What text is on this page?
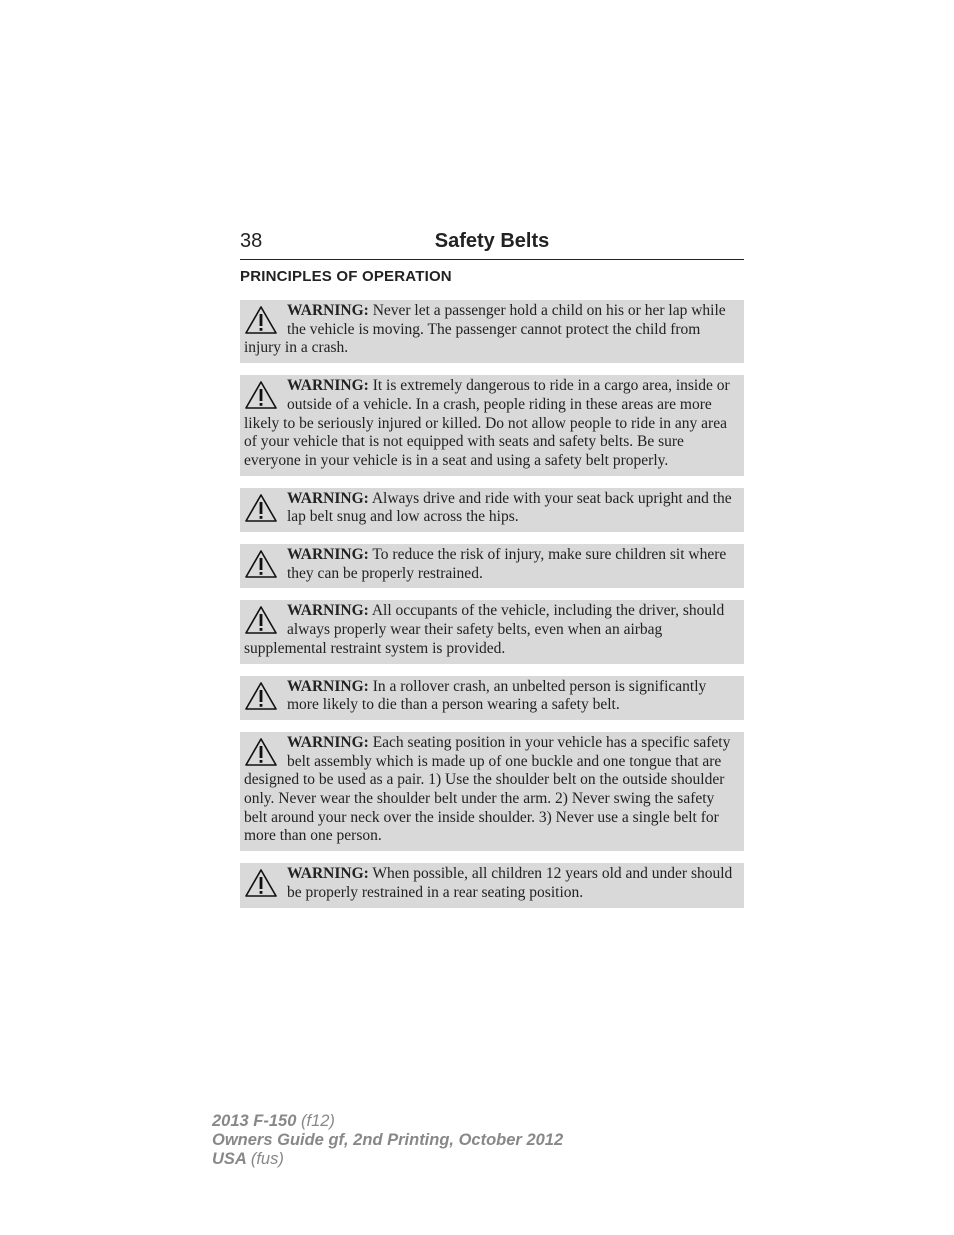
38	Safety Belts
PRINCIPLES OF OPERATION
WARNING: Never let a passenger hold a child on his or her lap while the vehicle is moving. The passenger cannot protect the child from injury in a crash.
WARNING: It is extremely dangerous to ride in a cargo area, inside or outside of a vehicle. In a crash, people riding in these areas are more likely to be seriously injured or killed. Do not allow people to ride in any area of your vehicle that is not equipped with seats and safety belts. Be sure everyone in your vehicle is in a seat and using a safety belt properly.
WARNING: Always drive and ride with your seat back upright and the lap belt snug and low across the hips.
WARNING: To reduce the risk of injury, make sure children sit where they can be properly restrained.
WARNING: All occupants of the vehicle, including the driver, should always properly wear their safety belts, even when an airbag supplemental restraint system is provided.
WARNING: In a rollover crash, an unbelted person is significantly more likely to die than a person wearing a safety belt.
WARNING: Each seating position in your vehicle has a specific safety belt assembly which is made up of one buckle and one tongue that are designed to be used as a pair. 1) Use the shoulder belt on the outside shoulder only. Never wear the shoulder belt under the arm. 2) Never swing the safety belt around your neck over the inside shoulder. 3) Never use a single belt for more than one person.
WARNING: When possible, all children 12 years old and under should be properly restrained in a rear seating position.
2013 F-150 (f12)
Owners Guide gf, 2nd Printing, October 2012
USA (fus)
